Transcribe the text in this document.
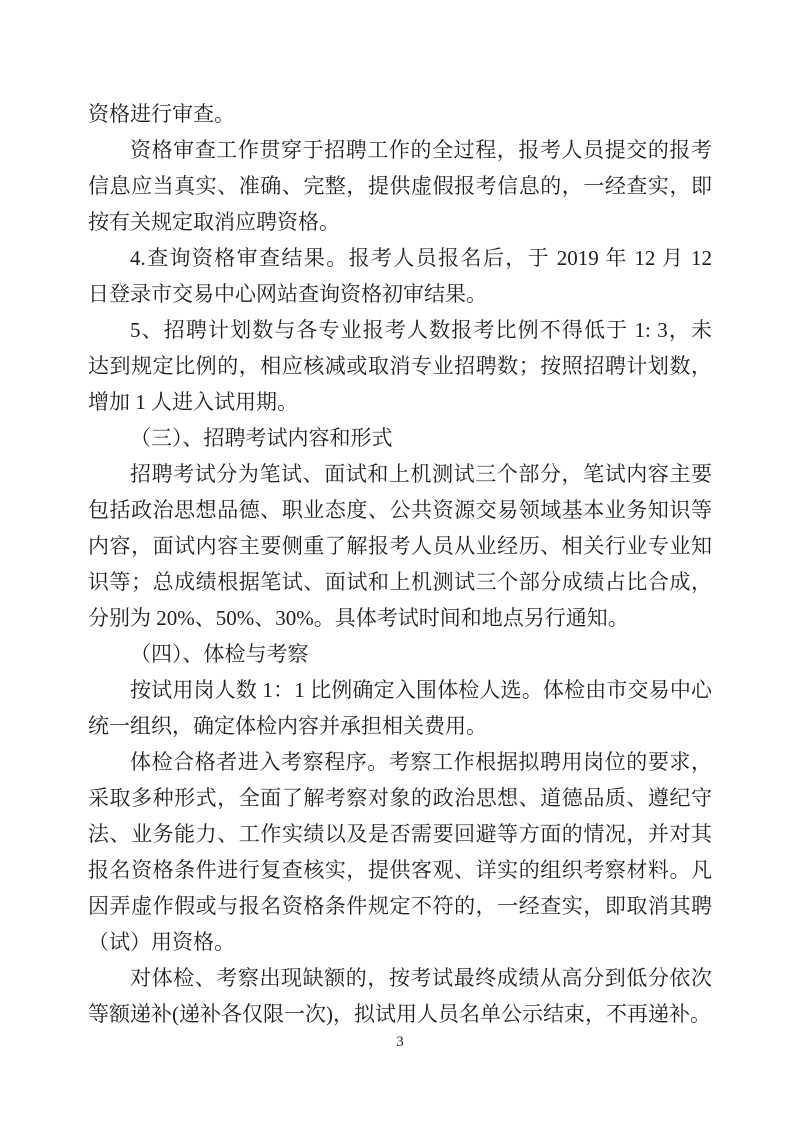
资格进行审查。

资格审查工作贯穿于招聘工作的全过程，报考人员提交的报考

信息应当真实、准确、完整，提供虚假报考信息的，一经查实，即

按有关规定取消应聘资格。

4.查询资格审查结果。报考人员报名后，于 2019 年 12 月 12

日登录市交易中心网站查询资格初审结果。

5、招聘计划数与各专业报考人数报考比例不得低于 1: 3，未

达到规定比例的，相应核减或取消专业招聘数；按照招聘计划数，

增加 1 人进入试用期。

（三）、招聘考试内容和形式

招聘考试分为笔试、面试和上机测试三个部分，笔试内容主要

包括政治思想品德、职业态度、公共资源交易领域基本业务知识等

内容，面试内容主要侧重了解报考人员从业经历、相关行业专业知

识等；总成绩根据笔试、面试和上机测试三个部分成绩占比合成，

分别为 20%、50%、30%。具体考试时间和地点另行通知。

（四）、体检与考察

按试用岗人数 1：1 比例确定入围体检人选。体检由市交易中心

统一组织，确定体检内容并承担相关费用。

体检合格者进入考察程序。考察工作根据拟聘用岗位的要求，

采取多种形式，全面了解考察对象的政治思想、道德品质、遵纪守

法、业务能力、工作实绩以及是否需要回避等方面的情况，并对其

报名资格条件进行复查核实，提供客观、详实的组织考察材料。凡

因弄虚作假或与报名资格条件规定不符的，一经查实，即取消其聘

（试）用资格。

对体检、考察出现缺额的，按考试最终成绩从高分到低分依次

等额递补(递补各仅限一次)，拟试用人员名单公示结束，不再递补。

3
